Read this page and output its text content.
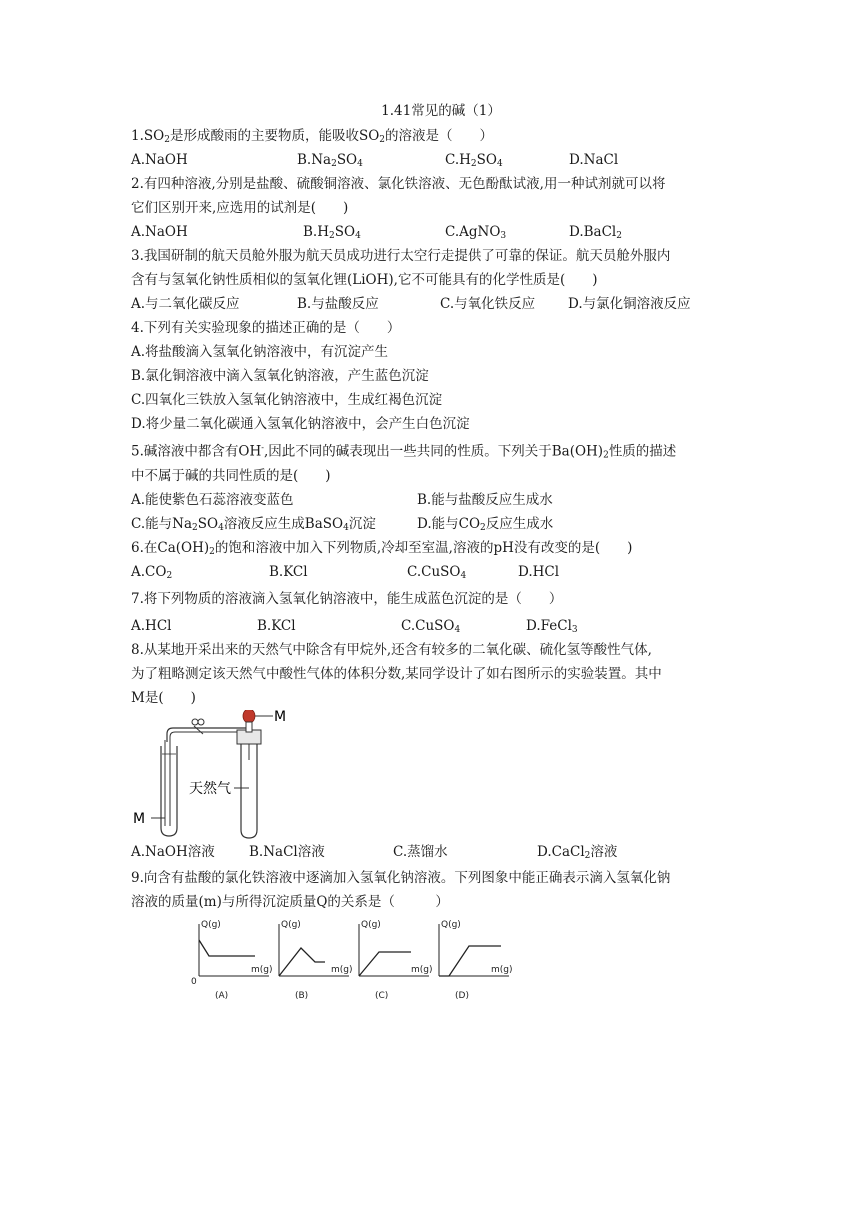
1.41常见的碱（1）
$1.SO_2$是形成酸雨的主要物质，能吸收$SO_2$的溶液是（　　）
A.NaOH	$B.Na_2SO_4$	$C.H_2SO_4$	D.NaCl
2.有四种溶液,分别是盐酸、硫酸铜溶液、氯化铁溶液、无色酚酞试液,用一种试剂就可以将
它们区别开来,应选用的试剂是(　　)
A.NaOH	$B.H_2SO_4$	C.AgNO$_3$	D.BaCl$_2$
3.我国研制的航天员舱外服为航天员成功进行太空行走提供了可靠的保证。航天员舱外服内
含有与氢氧化钠性质相似的氢氧化锂(LiOH),它不可能具有的化学性质是(　　)
A.与二氧化碳反应	B.与盐酸反应	C.与氧化铁反应 D.与氯化铜溶液反应
4.下列有关实验现象的描述正确的是（　　）
A.将盐酸滴入氢氧化钠溶液中，有沉淀产生
B.氯化铜溶液中滴入氢氧化钠溶液，产生蓝色沉淀
C.四氧化三铁放入氢氧化钠溶液中，生成红褐色沉淀
D.将少量二氧化碳通入氢氧化钠溶液中，会产生白色沉淀
5.碱溶液中都含有OH-,因此不同的碱表现出一些共同的性质。下列关于$Ba(OH)_2$性质的描述
中不属于碱的共同性质的是(　　)
A.能使紫色石蕊溶液变蓝色	B.能与盐酸反应生成水
C.能与$Na_2SO_4$溶液反应生成BaSO$_4$沉淀	D.能与$CO_2$反应生成水
6.在$Ca(OH)_2$的饱和溶液中加入下列物质,冷却至室温,溶液的pH没有改变的是(　　)
$A.CO_2$	B.KCl	C.CuSO$_4$	D.HCl
7.将下列物质的溶液滴入氢氧化钠溶液中，能生成蓝色沉淀的是（　　）
A.HCl	B.KCl	C.CuSO$_4$	D.FeCl$_3$
8.从某地开采出来的天然气中除含有甲烷外,还含有较多的二氧化碳、硫化氢等酸性气体,
为了粗略测定该天然气中酸性气体的体积分数,某同学设计了如右图所示的实验装置。其中
M是(　　)
M
M
天然气
A.NaOH溶液	B.NaCl溶液	C.蒸馏水	D.CaCl$_2$溶液
9.向含有盐酸的氯化铁溶液中逐滴加入氢氧化钠溶液。下列图象中能正确表示滴入氢氧化钠
溶液的质量(m)与所得沉淀质量Q的关系是（　　　）
Q(g)
m(g)
0
(A)
Q(g)
m(g)
(B)
Q(g)
m(g)
(C)
Q(g)
m(g)
(D)
